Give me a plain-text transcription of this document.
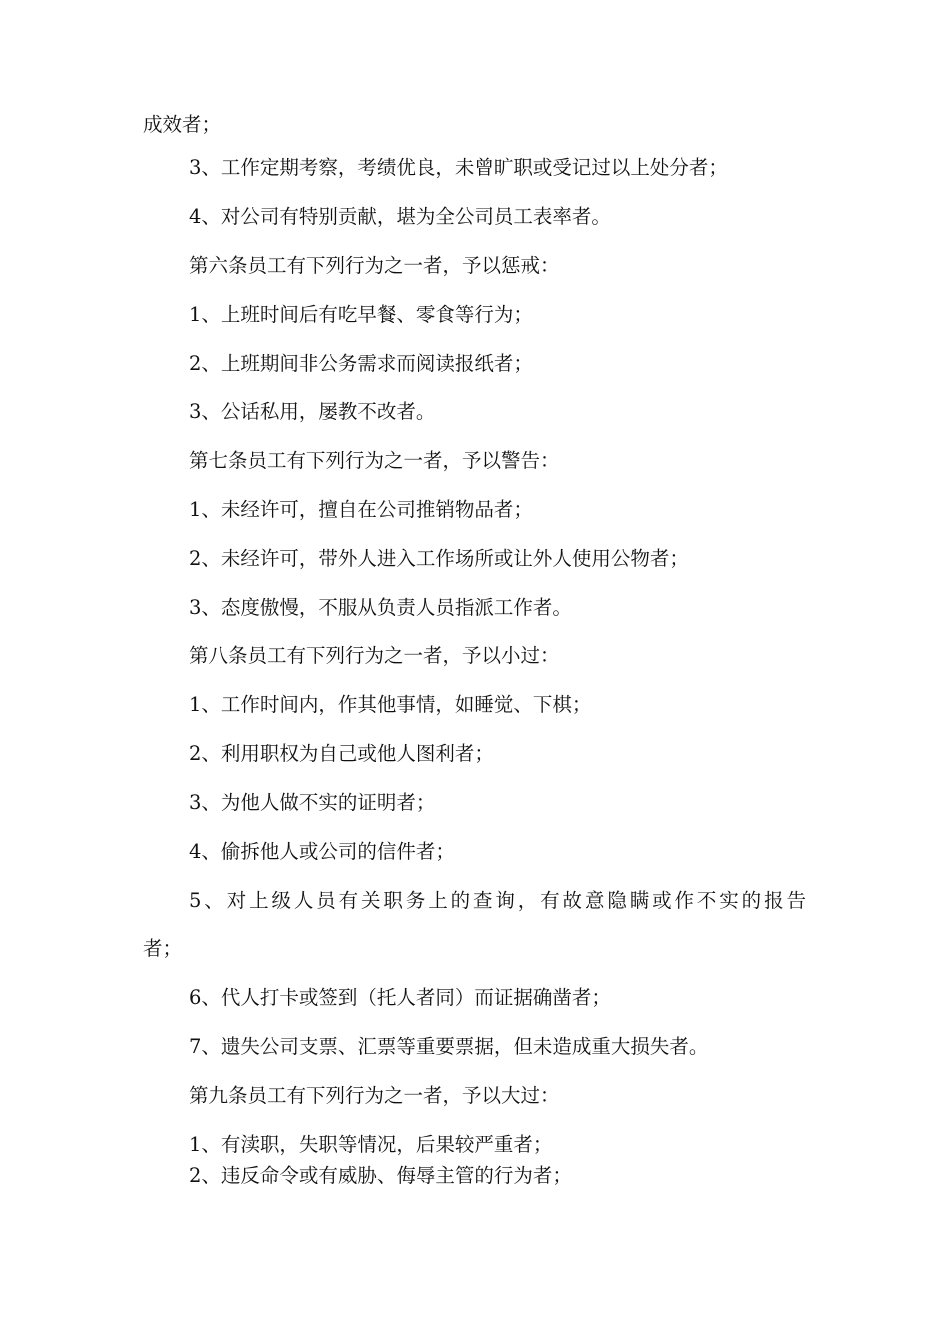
成效者；
3、工作定期考察，考绩优良，未曾旷职或受记过以上处分者；
4、对公司有特别贡献，堪为全公司员工表率者。
第六条员工有下列行为之一者，予以惩戒：
1、上班时间后有吃早餐、零食等行为；
2、上班期间非公务需求而阅读报纸者；
3、公话私用，屡教不改者。
第七条员工有下列行为之一者，予以警告：
1、未经许可，擅自在公司推销物品者；
2、未经许可，带外人进入工作场所或让外人使用公物者；
3、态度傲慢，不服从负责人员指派工作者。
第八条员工有下列行为之一者，予以小过：
1、工作时间内，作其他事情，如睡觉、下棋；
2、利用职权为自己或他人图利者；
3、为他人做不实的证明者；
4、偷拆他人或公司的信件者；
5 、 对 上 级 人 员 有 关 职 务 上 的 查 询 ， 有 故 意 隐 瞒 或 作 不 实 的 报 告
者；
6、代人打卡或签到（托人者同）而证据确凿者；
7、遗失公司支票、汇票等重要票据，但未造成重大损失者。
第九条员工有下列行为之一者，予以大过：
1、有渎职，失职等情况，后果较严重者；
2、违反命令或有威胁、侮辱主管的行为者；
